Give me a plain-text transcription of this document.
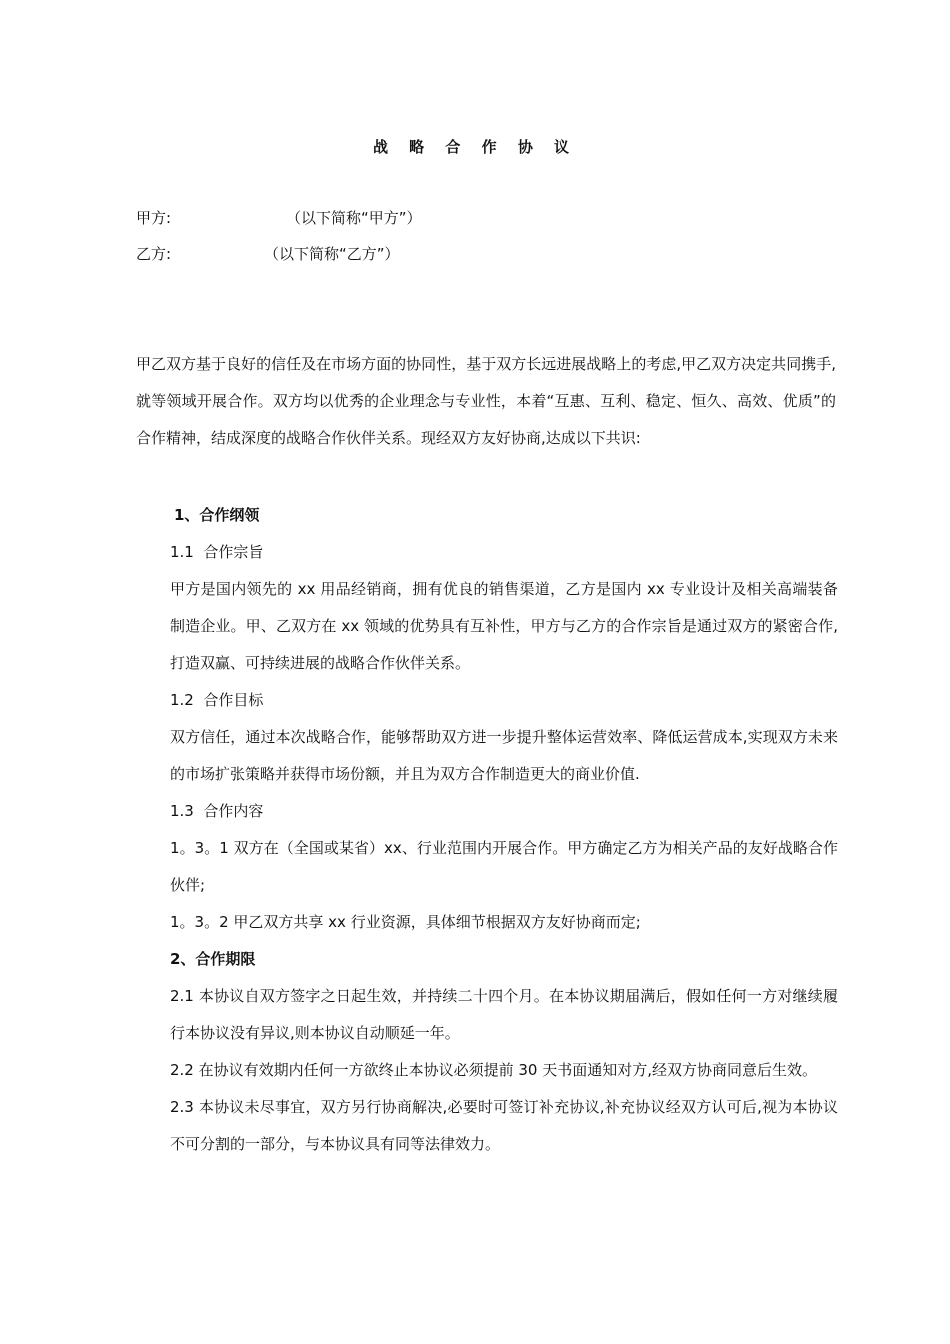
战 略 合 作 协 议
甲方:	（以下简称“甲方”）
乙方:	（以下简称“乙方”）
甲乙双方基于良好的信任及在市场方面的协同性，基于双方长远进展战略上的考虑,甲乙双方决定共同携手,就等领域开展合作。双方均以优秀的企业理念与专业性，本着“互惠、互利、稳定、恒久、高效、优质”的合作精神，结成深度的战略合作伙伴关系。现经双方友好协商,达成以下共识:

1、合作纲领

1.1  合作宗旨

甲方是国内领先的 xx 用品经销商，拥有优良的销售渠道，乙方是国内 xx 专业设计及相关高端装备制造企业。甲、乙双方在 xx 领域的优势具有互补性，甲方与乙方的合作宗旨是通过双方的紧密合作,打造双赢、可持续进展的战略合作伙伴关系。

1.2  合作目标

双方信任，通过本次战略合作，能够帮助双方进一步提升整体运营效率、降低运营成本,实现双方未来的市场扩张策略并获得市场份额，并且为双方合作制造更大的商业价值.

1.3  合作内容

1。3。1 双方在（全国或某省）xx、行业范围内开展合作。甲方确定乙方为相关产品的友好战略合作伙伴;

1。3。2 甲乙双方共享 xx 行业资源，具体细节根据双方友好协商而定;

2、合作期限

2.1 本协议自双方签字之日起生效，并持续二十四个月。在本协议期届满后，假如任何一方对继续履行本协议没有异议,则本协议自动顺延一年。

2.2 在协议有效期内任何一方欲终止本协议必须提前 30 天书面通知对方,经双方协商同意后生效。

2.3 本协议未尽事宜，双方另行协商解决,必要时可签订补充协议,补充协议经双方认可后,视为本协议不可分割的一部分，与本协议具有同等法律效力。
